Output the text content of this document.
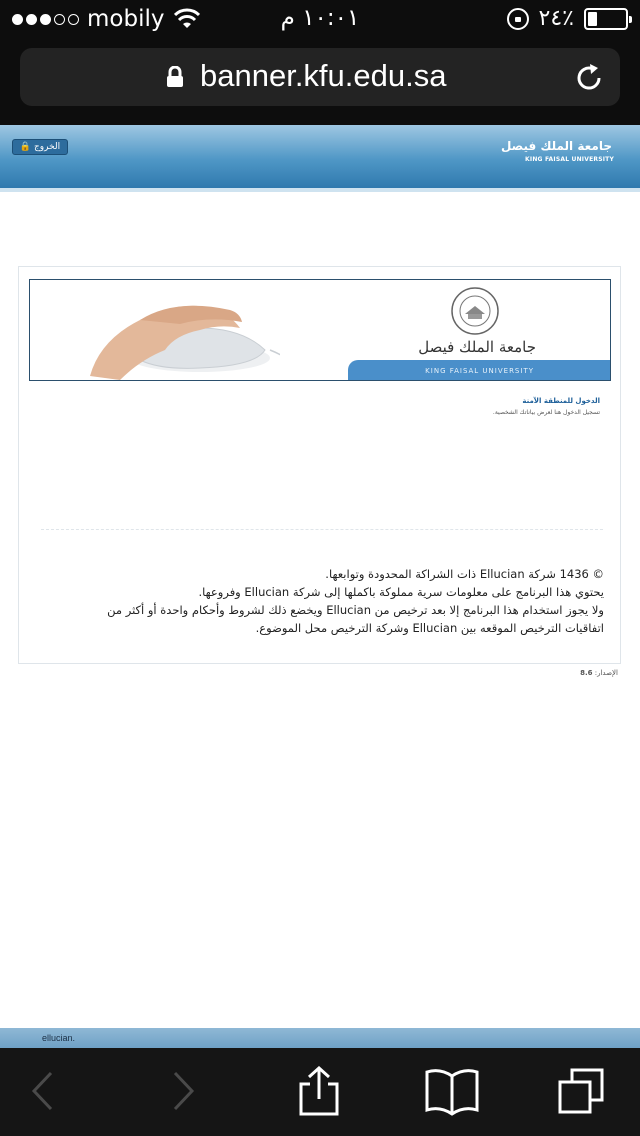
mobily	١٠:٠١ م	٪٢٤
banner.kfu.edu.sa
الخروج 🔒	جامعة الملك فيصل
KING FAISAL UNIVERSITY
جامعة الملك فيصل
KING FAISAL UNIVERSITY
الدخول للمنطقة الآمنة
تسجيل الدخول هنا لعرض بياناتك الشخصية.
© 1436 شركة Ellucian ذات الشراكة المحدودة وتوابعها.
يحتوي هذا البرنامج على معلومات سرية مملوكة باكملها إلى شركة Ellucian وفروعها.
ولا يجوز استخدام هذا البرنامج إلا بعد ترخيص من Ellucian ويخضع ذلك لشروط وأحكام واحدة أو أكثر من
اتفاقيات الترخيص الموقعه بين Ellucian وشركة الترخيص محل الموضوع.
الإصدار: 8.6
ellucian.
